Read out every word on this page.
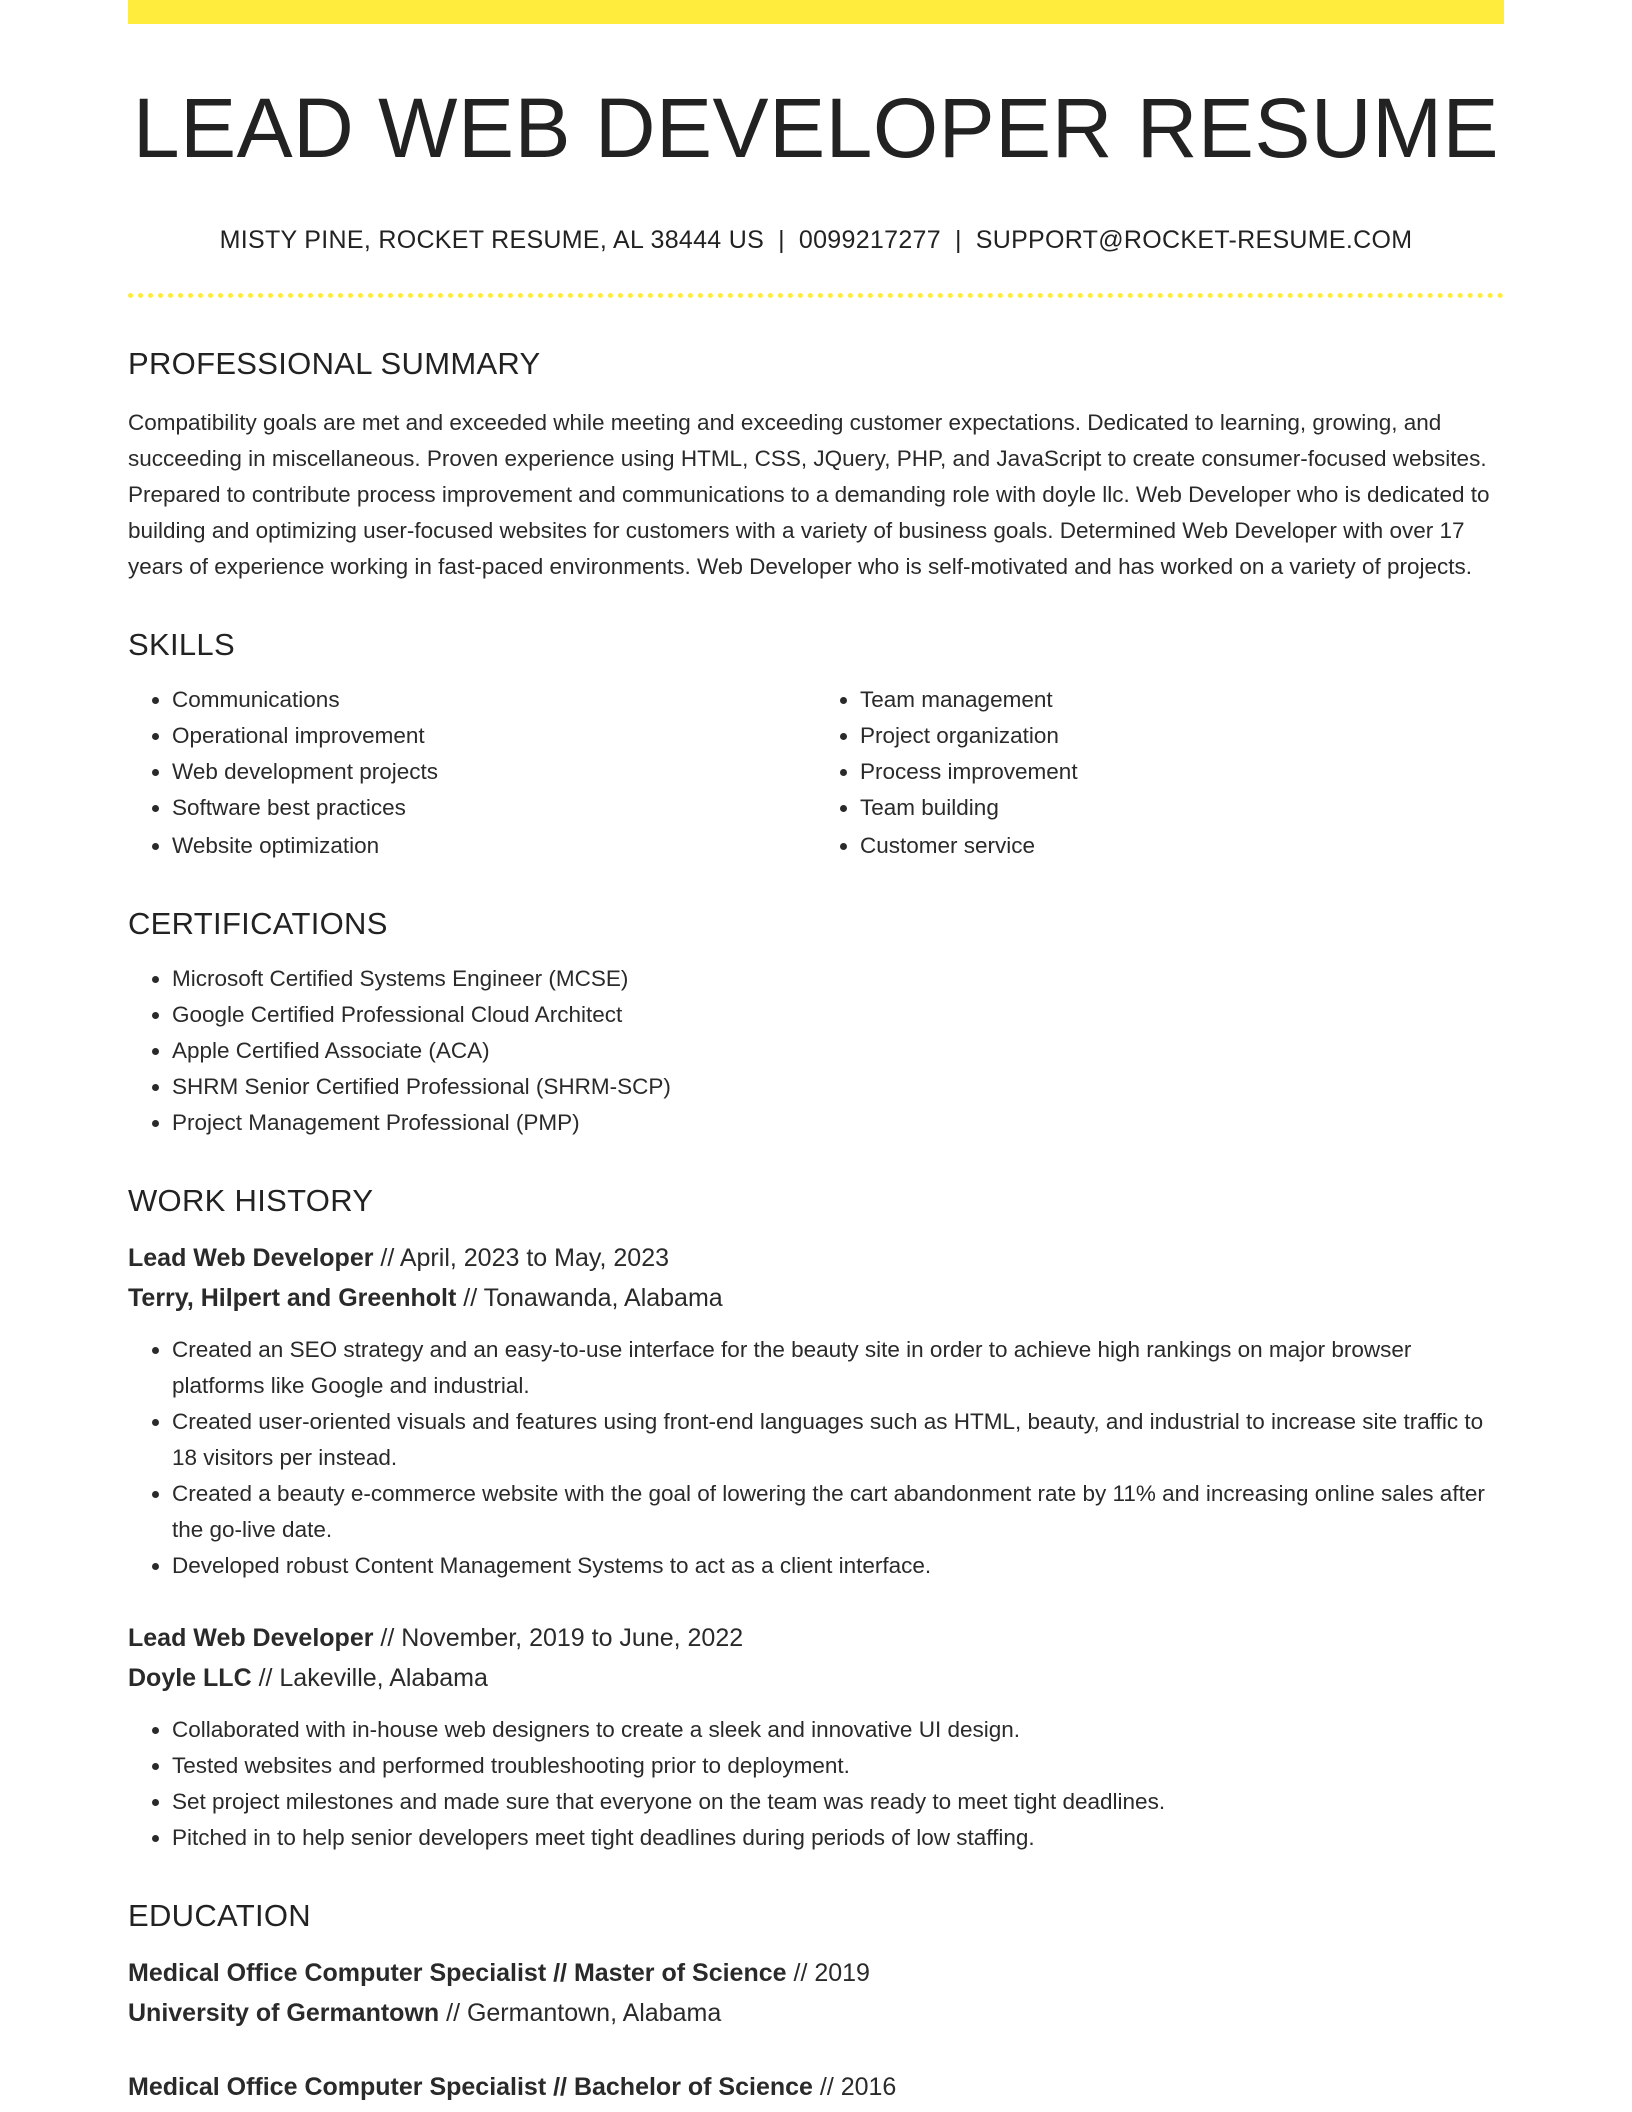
LEAD WEB DEVELOPER RESUME
MISTY PINE, ROCKET RESUME, AL 38444 US | 0099217277 | SUPPORT@ROCKET-RESUME.COM
PROFESSIONAL SUMMARY

Compatibility goals are met and exceeded while meeting and exceeding customer expectations. Dedicated to learning, growing, and succeeding in miscellaneous. Proven experience using HTML, CSS, JQuery, PHP, and JavaScript to create consumer-focused websites. Prepared to contribute process improvement and communications to a demanding role with doyle llc. Web Developer who is dedicated to building and optimizing user-focused websites for customers with a variety of business goals. Determined Web Developer with over 17 years of experience working in fast-paced environments. Web Developer who is self-motivated and has worked on a variety of projects.

SKILLS
• Communications
• Operational improvement
• Web development projects
• Software best practices
• Website optimization
• Team management
• Project organization
• Process improvement
• Team building
• Customer service
CERTIFICATIONS
• Microsoft Certified Systems Engineer (MCSE)
• Google Certified Professional Cloud Architect
• Apple Certified Associate (ACA)
• SHRM Senior Certified Professional (SHRM-SCP)
• Project Management Professional (PMP)
WORK HISTORY
Lead Web Developer // April, 2023 to May, 2023
Terry, Hilpert and Greenholt // Tonawanda, Alabama
• Created an SEO strategy and an easy-to-use interface for the beauty site in order to achieve high rankings on major browser platforms like Google and industrial.
• Created user-oriented visuals and features using front-end languages such as HTML, beauty, and industrial to increase site traffic to 18 visitors per instead.
• Created a beauty e-commerce website with the goal of lowering the cart abandonment rate by 11% and increasing online sales after the go-live date.
• Developed robust Content Management Systems to act as a client interface.
Lead Web Developer // November, 2019 to June, 2022
Doyle LLC // Lakeville, Alabama
• Collaborated with in-house web designers to create a sleek and innovative UI design.
• Tested websites and performed troubleshooting prior to deployment.
• Set project milestones and made sure that everyone on the team was ready to meet tight deadlines.
• Pitched in to help senior developers meet tight deadlines during periods of low staffing.
EDUCATION
Medical Office Computer Specialist // Master of Science // 2019
University of Germantown // Germantown, Alabama
Medical Office Computer Specialist // Bachelor of Science // 2016
